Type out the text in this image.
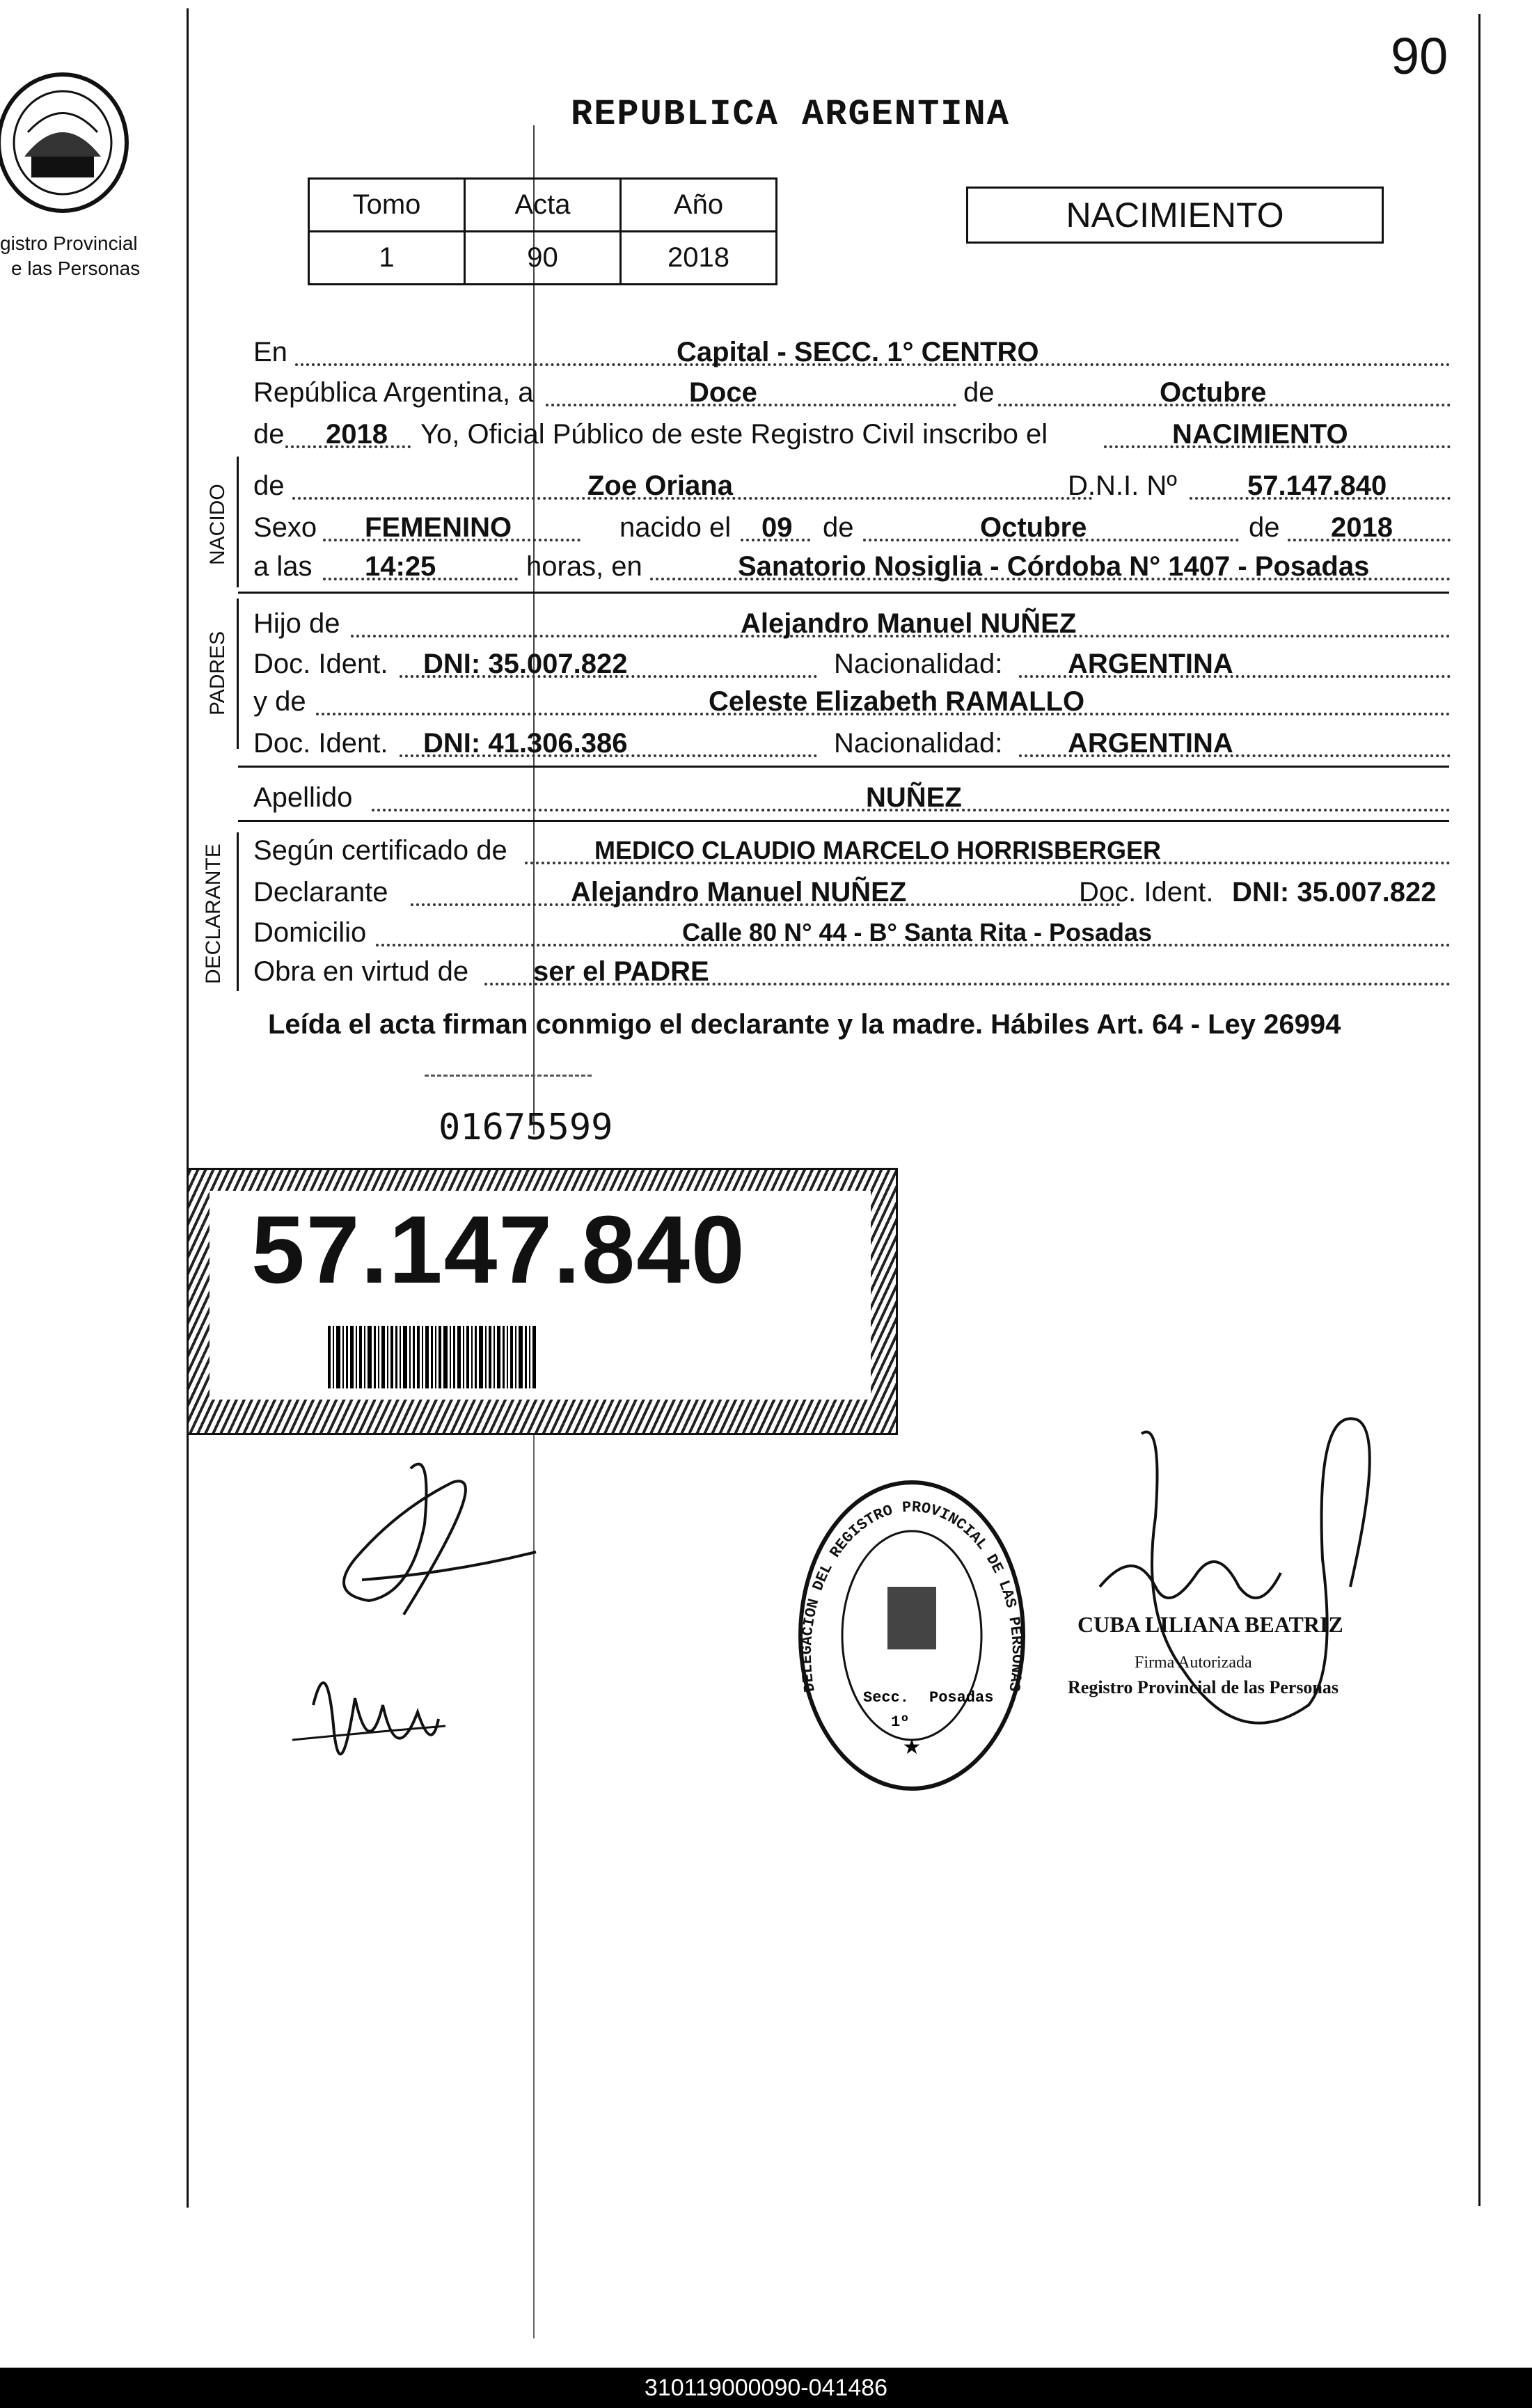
90
REPUBLICA ARGENTINA
gistro Provincial
e las Personas
Tomo	Acta	Año
1	90	2018
NACIMIENTO
En	Capital - SECC. 1° CENTRO
República Argentina, a	Doce	de	Octubre
de 2018 Yo, Oficial Público de este Registro Civil inscribo el	NACIMIENTO
NACIDO de	Zoe Oriana	D.N.I. Nº	57.147.840
Sexo FEMENINO	nacido el 09 de	Octubre	de 2018
a las 14:25	horas, en	Sanatorio Nosiglia - Córdoba N° 1407 - Posadas
PADRES
Hijo de	Alejandro Manuel NUÑEZ
Doc. Ident. DNI: 35.007.822	Nacionalidad: ARGENTINA
y de	Celeste Elizabeth RAMALLO
Doc. Ident. DNI: 41.306.386	Nacionalidad: ARGENTINA
Apellido	NUÑEZ
DECLARANTE Según certificado de	MEDICO CLAUDIO MARCELO HORRISBERGER
Declarante	Alejandro Manuel NUÑEZ	Doc. Ident. DNI: 35.007.822
Domicilio	Calle 80 N° 44 - B° Santa Rita - Posadas
Obra en virtud de ser el PADRE
Leída el acta firman conmigo el declarante y la madre. Hábiles Art. 64 - Ley 26994
01675599
57.147.840
DELEGACION DEL REGISTRO PROVINCIAL DE LAS PERSONAS
Secc.
1º
Posadas
★
CUBA LILIANA BEATRIZ
Firma Autorizada
Registro Provincial de las Personas
310119000090-041486
